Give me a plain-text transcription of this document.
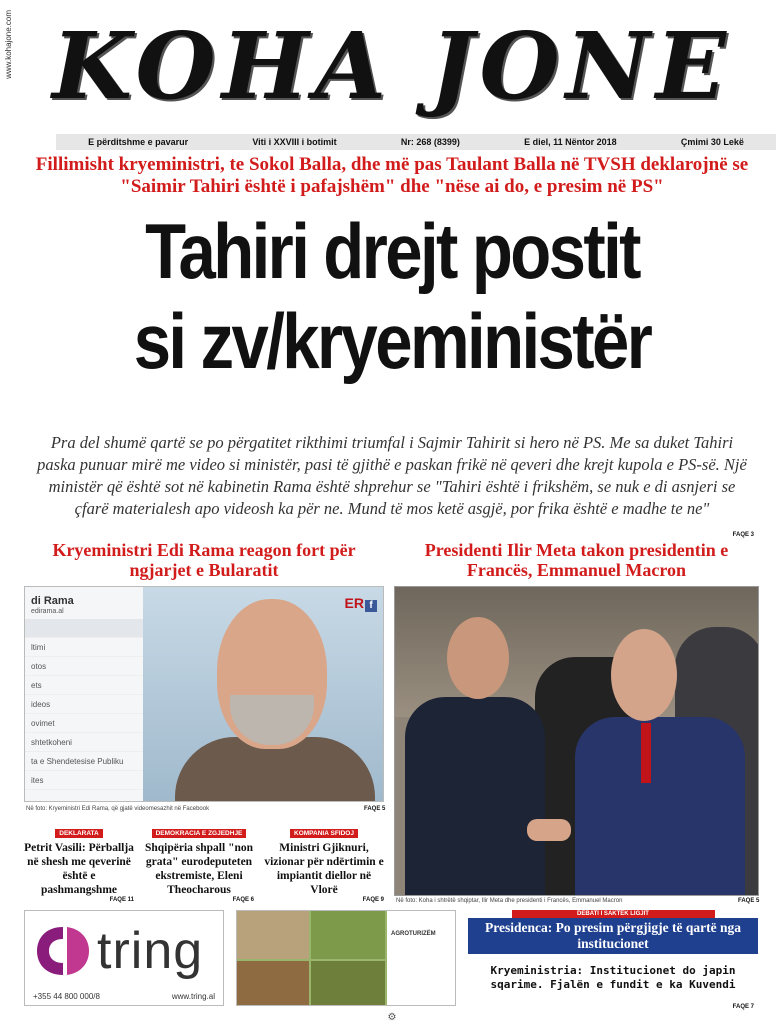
KOHA JONE
www.kohajone.com
E përditshme e pavarur	Viti i XXVIII i botimit	Nr: 268 (8399)	E diel, 11 Nëntor 2018	Çmimi 30 Lekë
Fillimisht kryeministri, te Sokol Balla, dhe më pas Taulant Balla në TVSH deklarojnë se "Saimir Tahiri është i pafajshëm" dhe "nëse ai do, e presim në PS"
Tahiri drejt postit
si zv/kryeministër
Pra del shumë qartë se po përgatitet rikthimi triumfal i Sajmir Tahirit si hero në PS. Me sa duket Tahiri paska punuar mirë me video si ministër, pasi të gjithë e paskan frikë në qeveri dhe krejt kupola e PS-së. Një ministër që është sot në kabinetin Rama është shprehur se "Tahiri është i frikshëm, se nuk e di asnjeri se çfarë materialesh apo videosh ka për ne. Mund të mos ketë asgjë, por frika është e madhe te ne"
FAQE 3
Kryeministri Edi Rama reagon fort për ngjarjet e Bularatit
di Rama
edirama.al
ltimi
otos
ets
ideos
ovimet
shtetkoheni
ta e Shendetesise Publiku
ites
ER f
Në foto: Kryeministri Edi Rama, që gjatë videomesazhit në Facebook	FAQE 5
Presidenti Ilir Meta takon presidentin e Francës, Emmanuel Macron
Në foto: Koha i shtrëtë shqiptar, Ilir Meta dhe presidenti i Francës, Emmanuel Macron	FAQE 5
DEKLARATA
Petrit Vasili: Përballja në shesh me qeverinë është e pashmangshme
FAQE 11
DEMOKRACIA E ZGJEDHJE
Shqipëria shpall "non grata" eurodeputeten ekstremiste, Eleni Theocharous
FAQE 6
KOMPANIA SFIDOJ
Ministri Gjiknuri, vizionar për ndërtimin e impiantit diellor në Vlorë
FAQE 9
tring
+355 44 800 000/8	www.tring.al
AGROTURIZËM
DEBATI I SAKTËK LIGJIT
Presidenca: Po presim përgjigje të qartë nga institucionet
Kryeministria: Institucionet do japin sqarime. Fjalën e fundit e ka Kuvendi
FAQE 7
⚙
